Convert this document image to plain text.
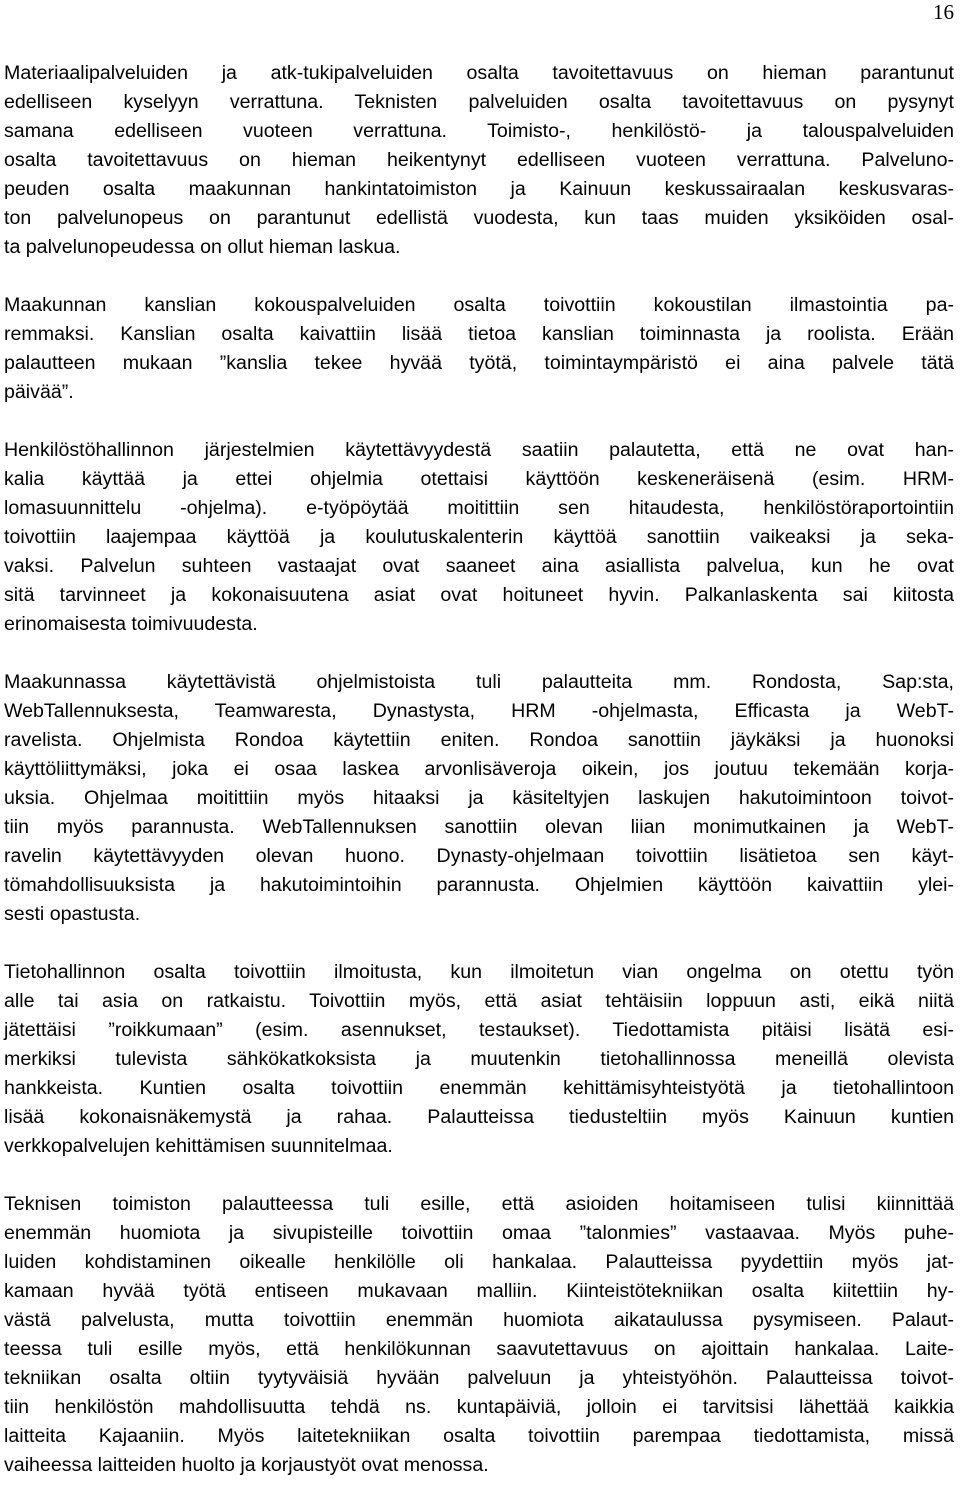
16
Materiaalipalveluiden ja atk-tukipalveluiden osalta tavoitettavuus on hieman parantunut
edelliseen kyselyyn verrattuna. Teknisten palveluiden osalta tavoitettavuus on pysynyt
samana edelliseen vuoteen verrattuna. Toimisto-, henkilöstö- ja talouspalveluiden
osalta tavoitettavuus on hieman heikentynyt edelliseen vuoteen verrattuna. Palveluno-
peuden osalta maakunnan hankintatoimiston ja Kainuun keskussairaalan keskusvaras-
ton palvelunopeus on parantunut edellistä vuodesta, kun taas muiden yksiköiden osal-
ta palvelunopeudessa on ollut hieman laskua.
Maakunnan kanslian kokouspalveluiden osalta toivottiin kokoustilan ilmastointia pa-
remmaksi. Kanslian osalta kaivattiin lisää tietoa kanslian toiminnasta ja roolista. Erään
palautteen mukaan ”kanslia tekee hyvää työtä, toimintaympäristö ei aina palvele tätä
päivää”.
Henkilöstöhallinnon järjestelmien käytettävyydestä saatiin palautetta, että ne ovat han-
kalia käyttää ja ettei ohjelmia otettaisi käyttöön keskeneräisenä (esim. HRM-
lomasuunnittelu -ohjelma). e-työpöytää moitittiin sen hitaudesta, henkilöstöraportointiin
toivottiin laajempaa käyttöä ja koulutuskalenterin käyttöä sanottiin vaikeaksi ja seka-
vaksi. Palvelun suhteen vastaajat ovat saaneet aina asiallista palvelua, kun he ovat
sitä tarvinneet ja kokonaisuutena asiat ovat hoituneet hyvin. Palkanlaskenta sai kiitosta
erinomaisesta toimivuudesta.
Maakunnassa käytettävistä ohjelmistoista tuli palautteita mm. Rondosta, Sap:sta,
WebTallennuksesta, Teamwaresta, Dynastysta, HRM -ohjelmasta, Efficasta ja WebT-
ravelista. Ohjelmista Rondoa käytettiin eniten. Rondoa sanottiin jäykäksi ja huonoksi
käyttöliittymäksi, joka ei osaa laskea arvonlisäveroja oikein, jos joutuu tekemään korja-
uksia. Ohjelmaa moitittiin myös hitaaksi ja käsiteltyjen laskujen hakutoimintoon toivot-
tiin myös parannusta. WebTallennuksen sanottiin olevan liian monimutkainen ja WebT-
ravelin käytettävyyden olevan huono. Dynasty-ohjelmaan toivottiin lisätietoa sen käyt-
tömahdollisuuksista ja hakutoimintoihin parannusta. Ohjelmien käyttöön kaivattiin ylei-
sesti opastusta.
Tietohallinnon osalta toivottiin ilmoitusta, kun ilmoitetun vian ongelma on otettu työn
alle tai asia on ratkaistu. Toivottiin myös, että asiat tehtäisiin loppuun asti, eikä niitä
jätettäisi ”roikkumaan” (esim. asennukset, testaukset). Tiedottamista pitäisi lisätä esi-
merkiksi tulevista sähkökatkoksista ja muutenkin tietohallinnossa meneillä olevista
hankkeista. Kuntien osalta toivottiin enemmän kehittämisyhteistyötä ja tietohallintoon
lisää kokonaisnäkemystä ja rahaa. Palautteissa tiedusteltiin myös Kainuun kuntien
verkkopalvelujen kehittämisen suunnitelmaa.
Teknisen toimiston palautteessa tuli esille, että asioiden hoitamiseen tulisi kiinnittää
enemmän huomiota ja sivupisteille toivottiin omaa ”talonmies” vastaavaa. Myös puhe-
luiden kohdistaminen oikealle henkilölle oli hankalaa. Palautteissa pyydettiin myös jat-
kamaan hyvää työtä entiseen mukavaan malliin. Kiinteistötekniikan osalta kiitettiin hy-
västä palvelusta, mutta toivottiin enemmän huomiota aikataulussa pysymiseen. Palaut-
teessa tuli esille myös, että henkilökunnan saavutettavuus on ajoittain hankalaa. Laite-
tekniikan osalta oltiin tyytyväisiä hyvään palveluun ja yhteistyöhön. Palautteissa toivot-
tiin henkilöstön mahdollisuutta tehdä ns. kuntapäiviä, jolloin ei tarvitsisi lähettää kaikkia
laitteita Kajaaniin. Myös laitetekniikan osalta toivottiin parempaa tiedottamista, missä
vaiheessa laitteiden huolto ja korjaustyöt ovat menossa.
